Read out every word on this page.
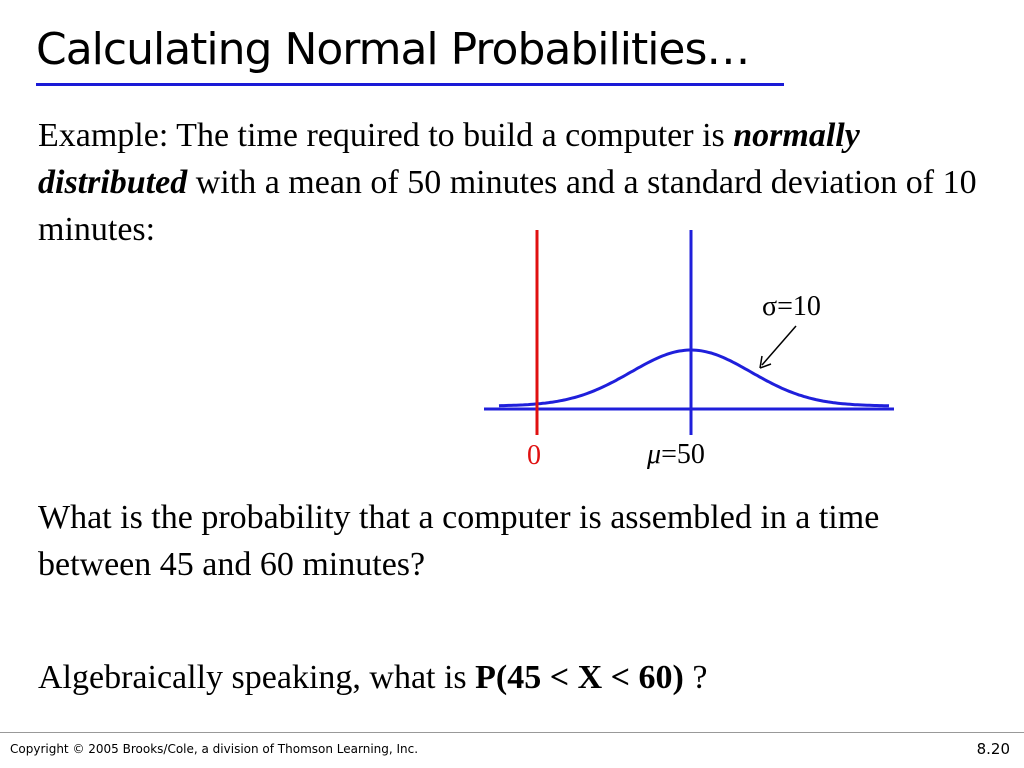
Calculating Normal Probabilities…

Example: The time required to build a computer is normally distributed with a mean of 50 minutes and a standard deviation of 10 minutes:

0	μ=50
σ=10

What is the probability that a computer is assembled in a time between 45 and 60 minutes?

Algebraically speaking, what is P(45 < X < 60) ?

Copyright © 2005 Brooks/Cole, a division of Thomson Learning, Inc.	8.20
